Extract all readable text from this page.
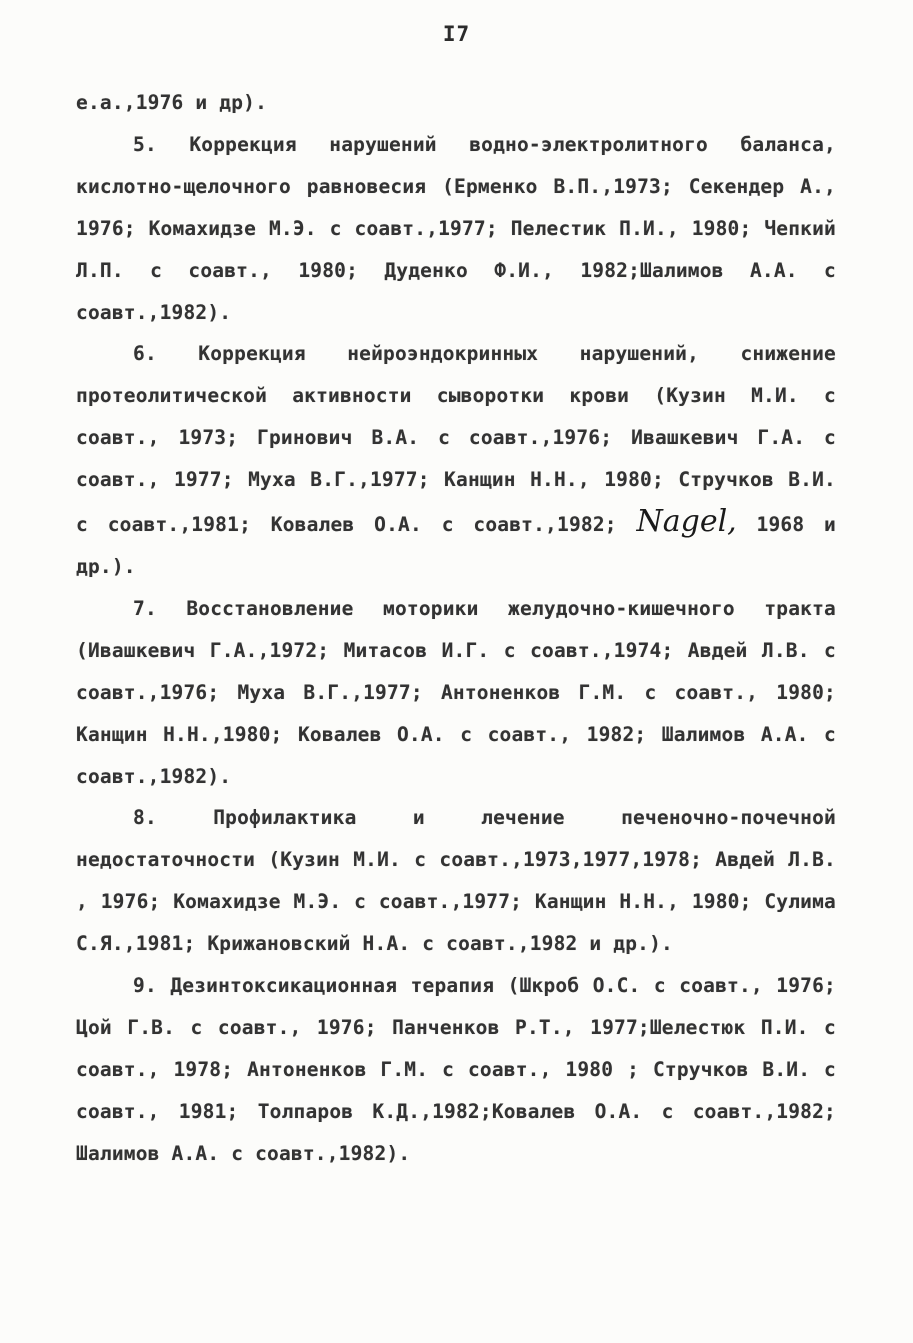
I7

е.а.,1976 и др).

5. Коррекция нарушений водно-электролитного баланса, кислотно-щелочного равновесия (Ерменко В.П.,1973; Секендер А., 1976; Комахидзе М.Э. с соавт.,1977; Пелестик П.И., 1980; Чепкий Л.П. с соавт., 1980; Дуденко Ф.И., 1982;Шалимов А.А. с соавт.,1982).

6. Коррекция нейроэндокринных нарушений, снижение протеолитической активности сыворотки крови (Кузин М.И. с соавт., 1973; Гринович В.А. с соавт.,1976; Ивашкевич Г.А. с соавт., 1977; Муха В.Г.,1977; Канщин Н.Н., 1980; Стручков В.И. с соавт.,1981; Ковалев О.А. с соавт.,1982; Nagel, 1968 и др.).

7. Восстановление моторики желудочно-кишечного тракта (Ивашкевич Г.А.,1972; Митасов И.Г. с соавт.,1974; Авдей Л.В. с соавт.,1976; Муха В.Г.,1977; Антоненков Г.М. с соавт., 1980; Канщин Н.Н.,1980; Ковалев О.А. с соавт., 1982; Шалимов А.А. с соавт.,1982).

8. Профилактика и лечение печеночно-почечной недостаточности (Кузин М.И. с соавт.,1973,1977,1978; Авдей Л.В. , 1976; Комахидзе М.Э. с соавт.,1977; Канщин Н.Н., 1980; Сулима С.Я.,1981; Крижановский Н.А. с соавт.,1982 и др.).

9. Дезинтоксикационная терапия (Шкроб О.С. с соавт., 1976; Цой Г.В. с соавт., 1976; Панченков Р.Т., 1977;Шелестюк П.И. с соавт., 1978; Антоненков Г.М. с соавт., 1980 ; Стручков В.И. с соавт., 1981; Толпаров К.Д.,1982;Ковалев О.А. с соавт.,1982; Шалимов А.А. с соавт.,1982).
